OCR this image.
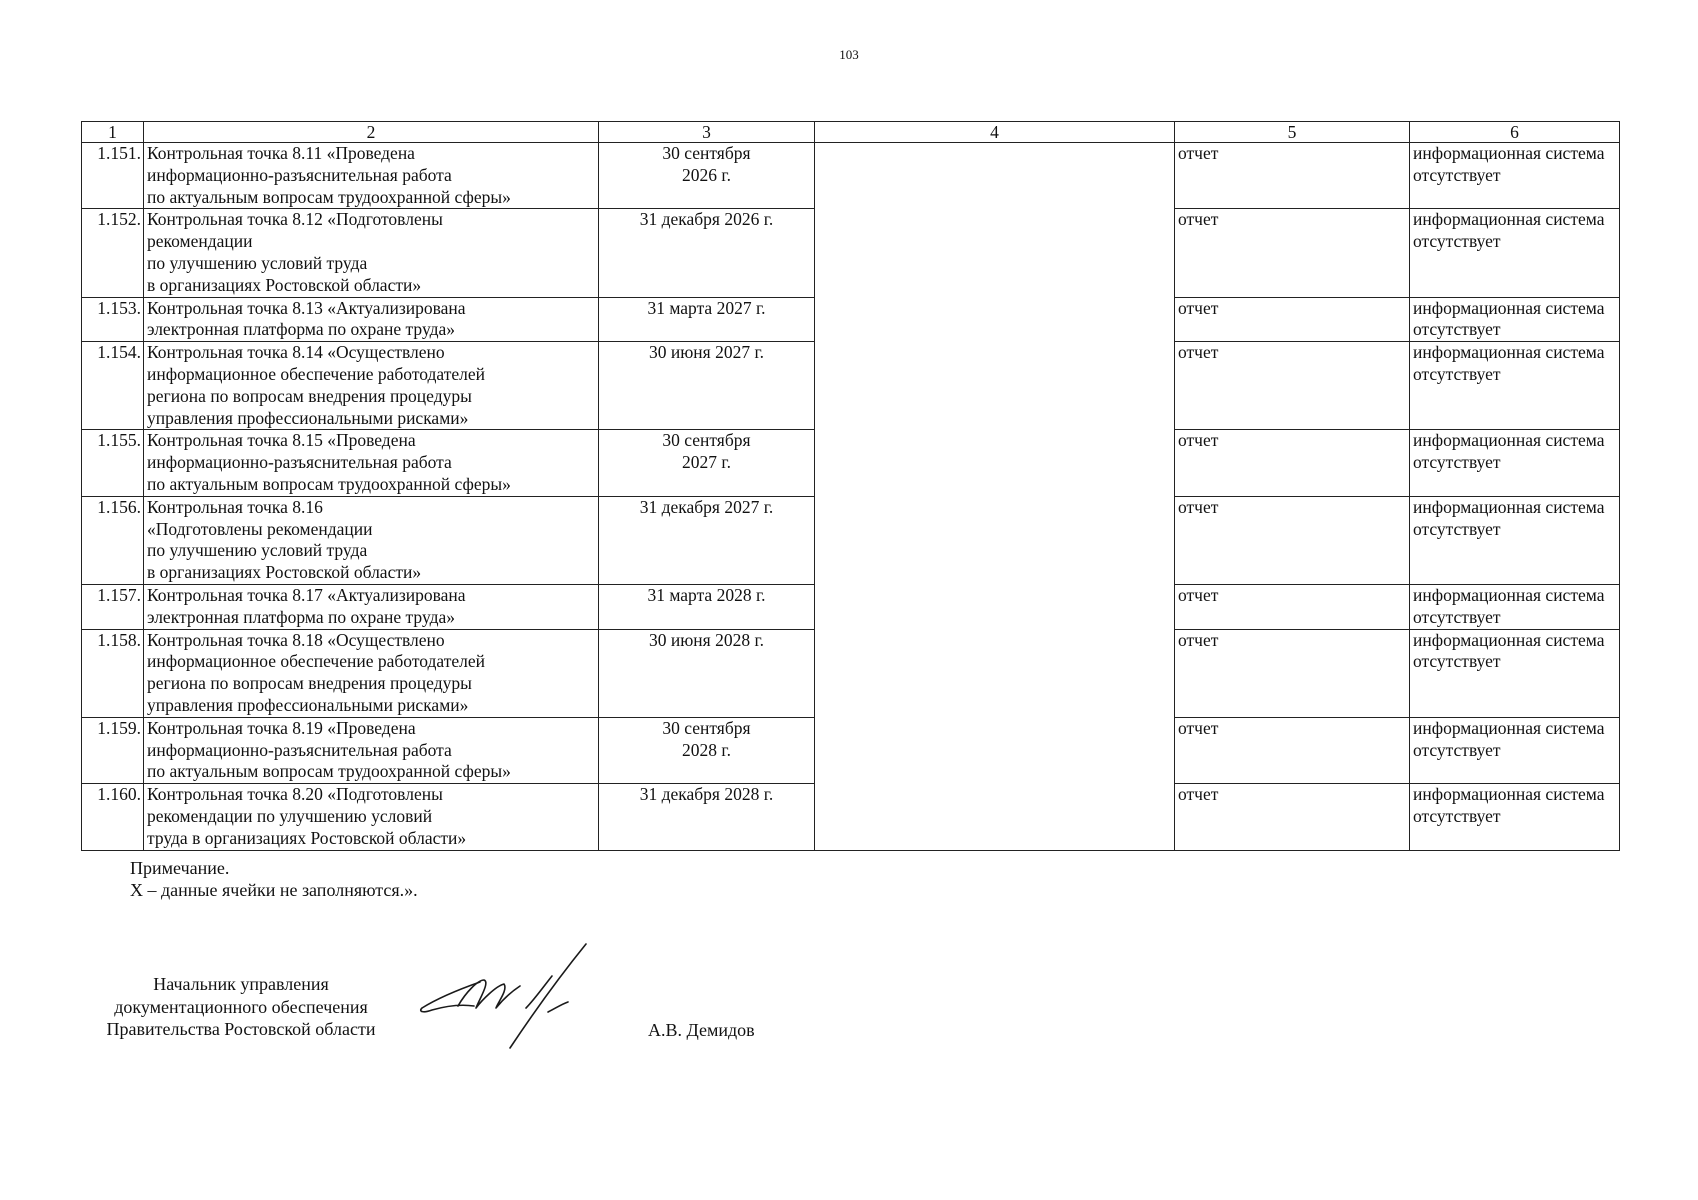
103
1	2	3	4	5	6
1.151.	Контрольная точка 8.11 «Проведена
информационно-разъяснительная работа
по актуальным вопросам трудоохранной сферы»	30 сентября
2026 г.		отчет	информационная система отсутствует
1.152.	Контрольная точка 8.12 «Подготовлены
рекомендации
по улучшению условий труда
в организациях Ростовской области»	31 декабря 2026 г.		отчет	информационная система отсутствует
1.153.	Контрольная точка 8.13 «Актуализирована
электронная платформа по охране труда»	31 марта 2027 г.		отчет	информационная система отсутствует
1.154.	Контрольная точка 8.14 «Осуществлено
информационное обеспечение работодателей
региона по вопросам внедрения процедуры
управления профессиональными рисками»	30 июня 2027 г.		отчет	информационная система отсутствует
1.155.	Контрольная точка 8.15 «Проведена
информационно-разъяснительная работа
по актуальным вопросам трудоохранной сферы»	30 сентября
2027 г.		отчет	информационная система отсутствует
1.156.	Контрольная точка 8.16
«Подготовлены рекомендации
по улучшению условий труда
в организациях Ростовской области»	31 декабря 2027 г.		отчет	информационная система отсутствует
1.157.	Контрольная точка 8.17 «Актуализирована
электронная платформа по охране труда»	31 марта 2028 г.		отчет	информационная система отсутствует
1.158.	Контрольная точка 8.18 «Осуществлено
информационное обеспечение работодателей
региона по вопросам внедрения процедуры
управления профессиональными рисками»	30 июня 2028 г.		отчет	информационная система отсутствует
1.159.	Контрольная точка 8.19 «Проведена
информационно-разъяснительная работа
по актуальным вопросам трудоохранной сферы»	30 сентября
2028 г.		отчет	информационная система отсутствует
1.160.	Контрольная точка 8.20 «Подготовлены
рекомендации по улучшению условий
труда в организациях Ростовской области»	31 декабря 2028 г.		отчет	информационная система отсутствует
Примечание.
Х – данные ячейки не заполняются.».
Начальник управления
документационного обеспечения
Правительства Ростовской области	А.В. Демидов
